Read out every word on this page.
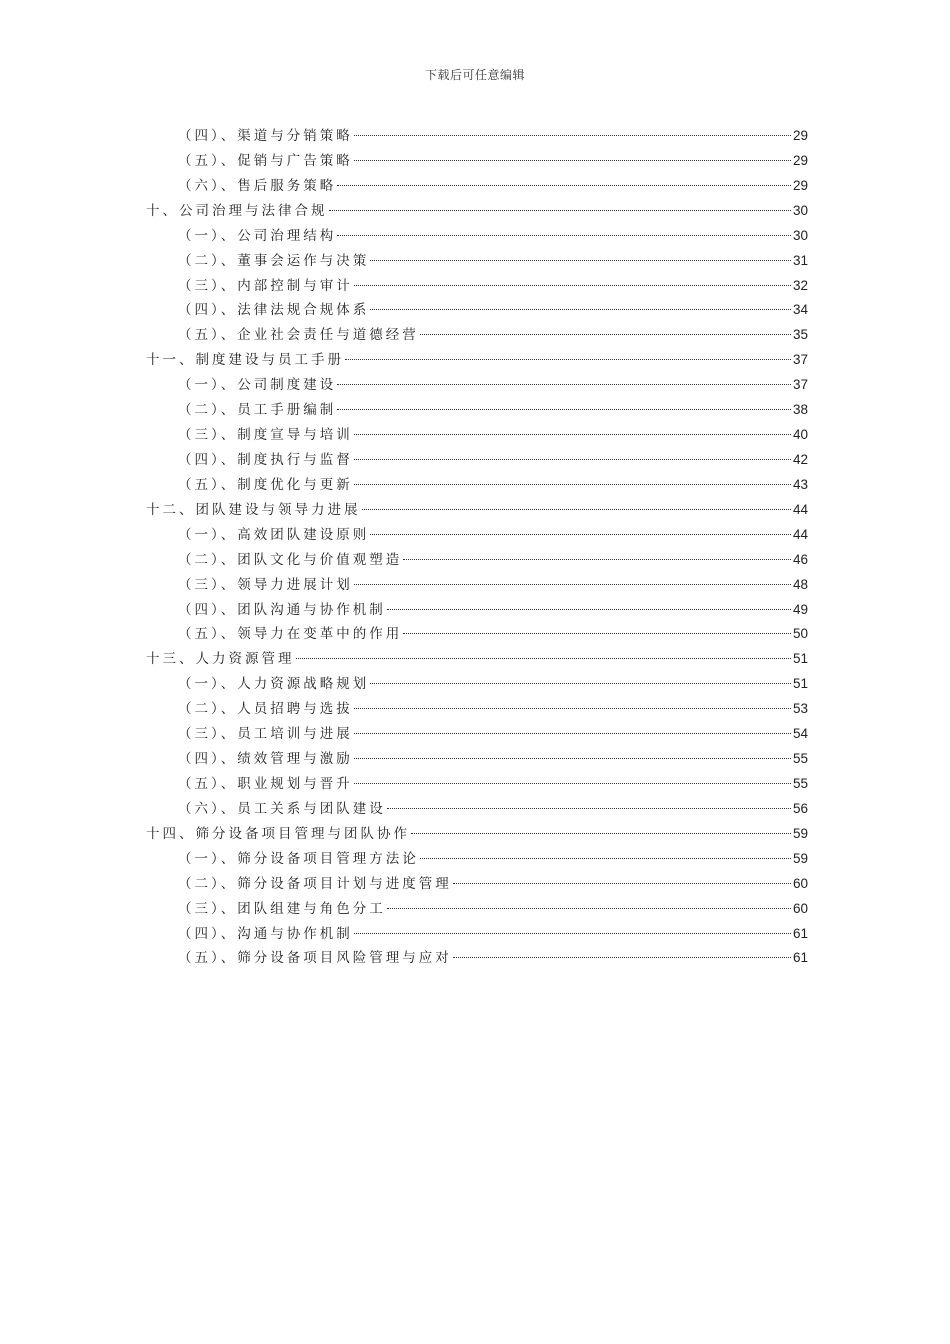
下载后可任意编辑
（四）、渠道与分销策略	29
（五）、促销与广告策略	29
（六）、售后服务策略	29
十、公司治理与法律合规	30
（一）、公司治理结构	30
（二）、董事会运作与决策	31
（三）、内部控制与审计	32
（四）、法律法规合规体系	34
（五）、企业社会责任与道德经营	35
十一、制度建设与员工手册	37
（一）、公司制度建设	37
（二）、员工手册编制	38
（三）、制度宣导与培训	40
（四）、制度执行与监督	42
（五）、制度优化与更新	43
十二、团队建设与领导力进展	44
（一）、高效团队建设原则	44
（二）、团队文化与价值观塑造	46
（三）、领导力进展计划	48
（四）、团队沟通与协作机制	49
（五）、领导力在变革中的作用	50
十三、人力资源管理	51
（一）、人力资源战略规划	51
（二）、人员招聘与选拔	53
（三）、员工培训与进展	54
（四）、绩效管理与激励	55
（五）、职业规划与晋升	55
（六）、员工关系与团队建设	56
十四、筛分设备项目管理与团队协作	59
（一）、筛分设备项目管理方法论	59
（二）、筛分设备项目计划与进度管理	60
（三）、团队组建与角色分工	60
（四）、沟通与协作机制	61
（五）、筛分设备项目风险管理与应对	61
